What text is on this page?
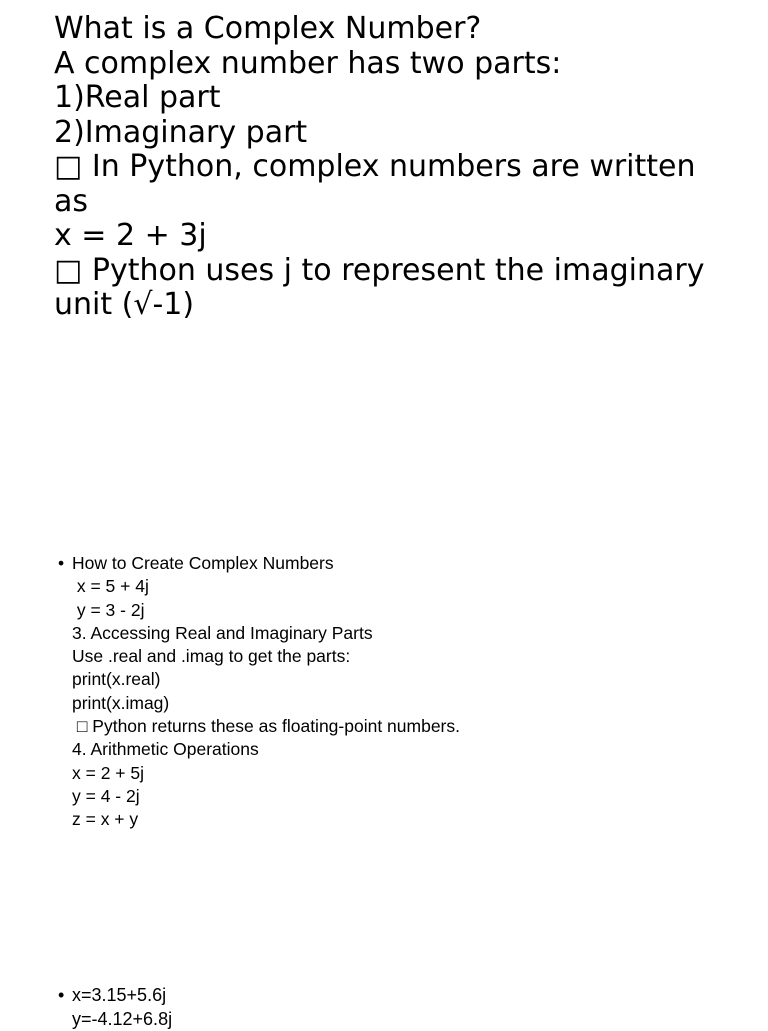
What is a Complex Number?
A complex number has two parts:
1)Real part
2)Imaginary part
□ In Python, complex numbers are written
as
x = 2 + 3j
□ Python uses j to represent the imaginary
unit (√-1)
• How to Create Complex Numbers
x = 5 + 4j
y = 3 - 2j
3. Accessing Real and Imaginary Parts
Use .real and .imag to get the parts:
print(x.real)
print(x.imag)
□ Python returns these as floating-point numbers.
4. Arithmetic Operations
x = 2 + 5j
y = 4 - 2j
z = x + y
• x=3.15+5.6j
y=-4.12+6.8j
